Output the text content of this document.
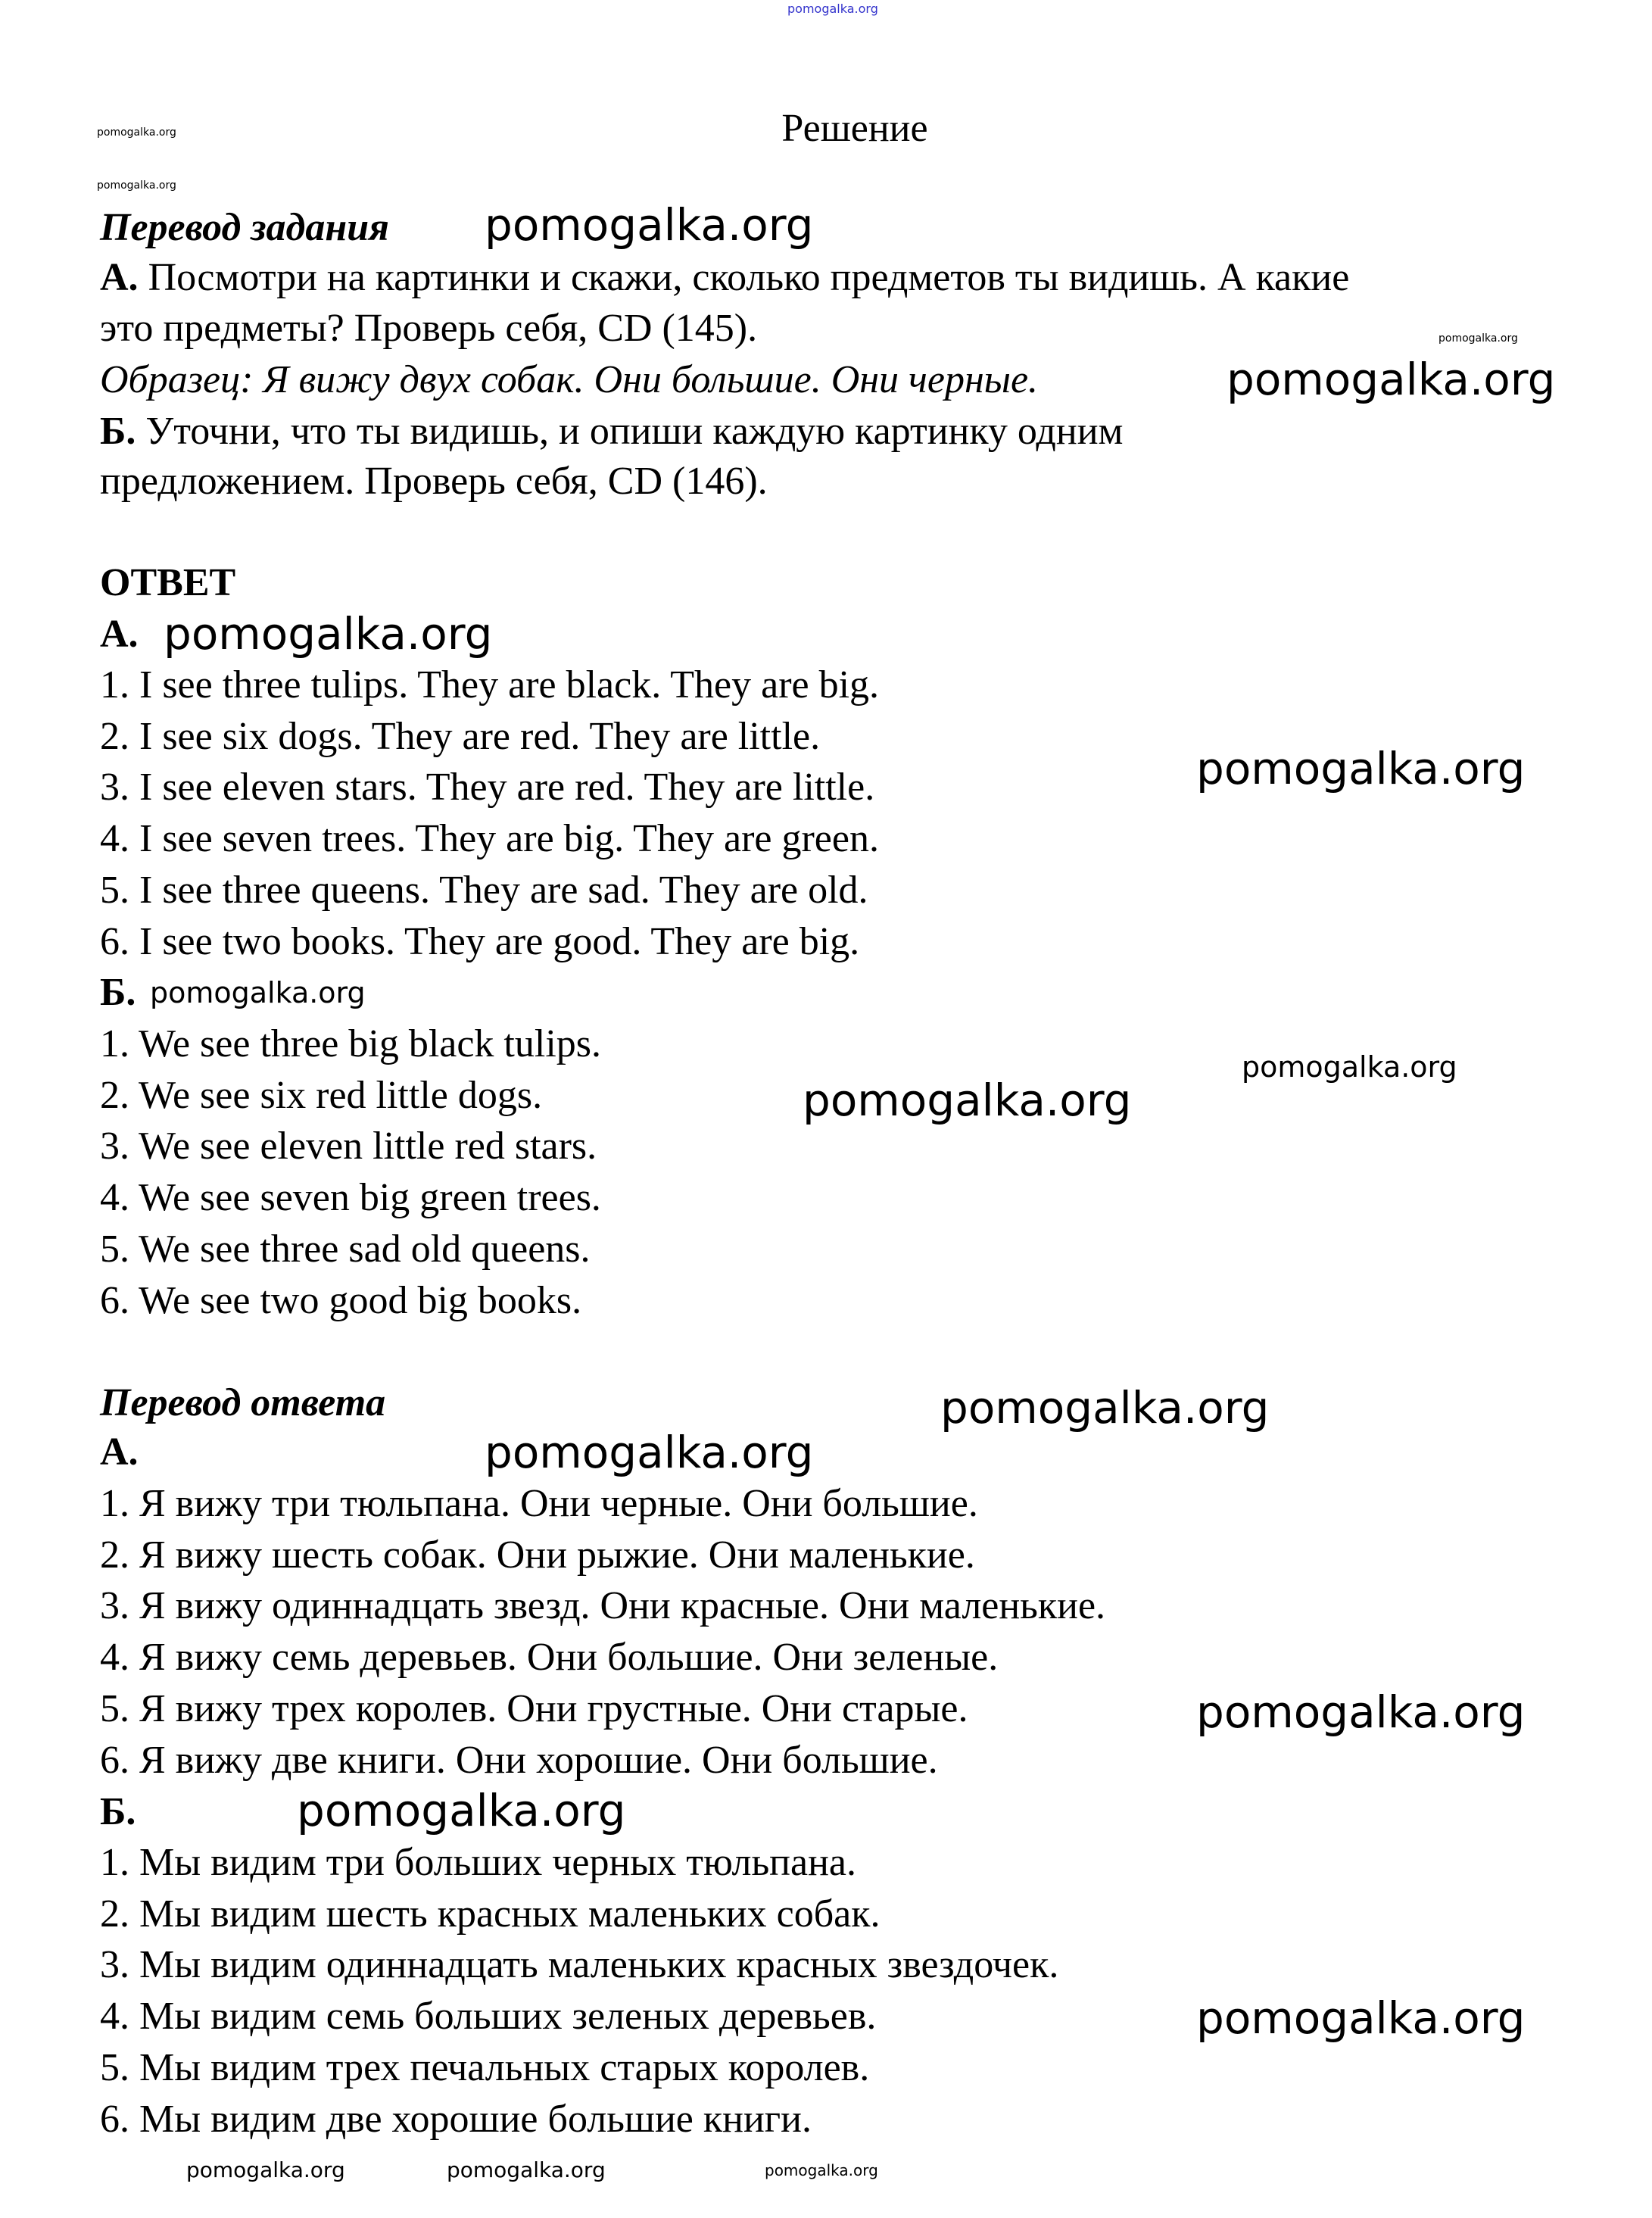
pomogalka.org
Решение
Перевод задания
А. Посмотри на картинки и скажи, сколько предметов ты видишь. А какие
это предметы? Проверь себя, CD (145).
Образец: Я вижу двух собак. Они большие. Они черные.
Б. Уточни, что ты видишь, и опиши каждую картинку одним
предложением. Проверь себя, CD (146).
ОТВЕТ
А.
1. I see three tulips. They are black. They are big.
2. I see six dogs. They are red. They are little.
3. I see eleven stars. They are red. They are little.
4. I see seven trees. They are big. They are green.
5. I see three queens. They are sad. They are old.
6. I see two books. They are good. They are big.
Б.
1. We see three big black tulips.
2. We see six red little dogs.
3. We see eleven little red stars.
4. We see seven big green trees.
5. We see three sad old queens.
6. We see two good big books.
Перевод ответа
А.
1. Я вижу три тюльпана. Они черные. Они большие.
2. Я вижу шесть собак. Они рыжие. Они маленькие.
3. Я вижу одиннадцать звезд. Они красные. Они маленькие.
4. Я вижу семь деревьев. Они большие. Они зеленые.
5. Я вижу трех королев. Они грустные. Они старые.
6. Я вижу две книги. Они хорошие. Они большие.
Б.
1. Мы видим три больших черных тюльпана.
2. Мы видим шесть красных маленьких собак.
3. Мы видим одиннадцать маленьких красных звездочек.
4. Мы видим семь больших зеленых деревьев.
5. Мы видим трех печальных старых королев.
6. Мы видим две хорошие большие книги.
pomogalka.org
pomogalka.org
pomogalka.org
pomogalka.org
pomogalka.org
pomogalka.org
pomogalka.org
pomogalka.org
pomogalka.org
pomogalka.org
pomogalka.org
pomogalka.org
pomogalka.org
pomogalka.org
pomogalka.org
pomogalka.org	pomogalka.org	pomogalka.org
